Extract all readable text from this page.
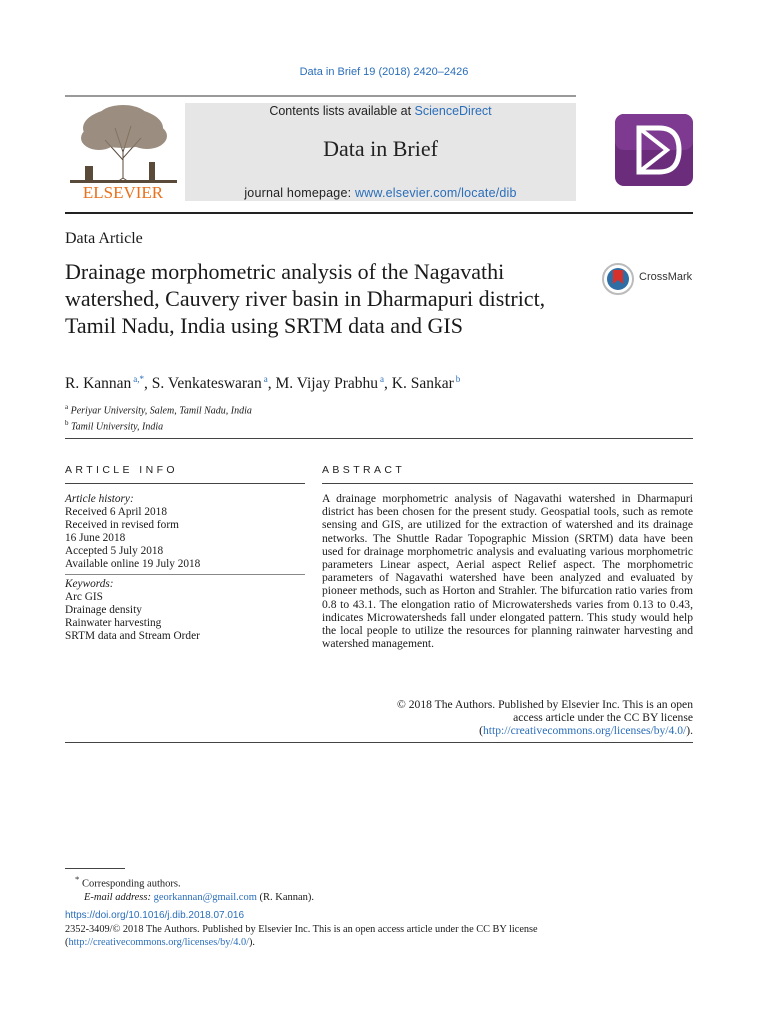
Data in Brief 19 (2018) 2420–2426
ELSEVIER
Contents lists available at ScienceDirect
Data in Brief
journal homepage: www.elsevier.com/locate/dib
Data Article
Drainage morphometric analysis of the Nagavathi watershed, Cauvery river basin in Dharmapuri district, Tamil Nadu, India using SRTM data and GIS
CrossMark
R. Kannan $^{a,*}$, S. Venkateswaran $^a$, M. Vijay Prabhu $^a$, K. Sankar $^b$
$^a$ Periyar University, Salem, Tamil Nadu, India
$^b$ Tamil University, India
ARTICLE INFO	ABSTRACT
Article history:
Received 6 April 2018
Received in revised form
16 June 2018
Accepted 5 July 2018
Available online 19 July 2018
Keywords:
Arc GIS
Drainage density
Rainwater harvesting
SRTM data and Stream Order
A drainage morphometric analysis of Nagavathi watershed in Dharmapuri district has been chosen for the present study. Geospatial tools, such as remote sensing and GIS, are utilized for the extraction of watershed and its drainage networks. The Shuttle Radar Topographic Mission (SRTM) data have been used for drainage morphometric analysis and evaluating various morphometric parameters Linear aspect, Aerial aspect Relief aspect. The morphometric parameters of Nagavathi watershed have been analyzed and evaluated by pioneer methods, such as Horton and Strahler. The bifurcation ratio varies from 0.8 to 43.1. The elongation ratio of Microwatersheds varies from 0.13 to 0.43, indicates Microwatersheds fall under elongated pattern. This study would help the local people to utilize the resources for planning rainwater harvesting and watershed management.
© 2018 The Authors. Published by Elsevier Inc. This is an open
access article under the CC BY license
(http://creativecommons.org/licenses/by/4.0/).
* Corresponding authors.
E-mail address: georkannan@gmail.com (R. Kannan).
https://doi.org/10.1016/j.dib.2018.07.016
2352-3409/© 2018 The Authors. Published by Elsevier Inc. This is an open access article under the CC BY license
(http://creativecommons.org/licenses/by/4.0/).
